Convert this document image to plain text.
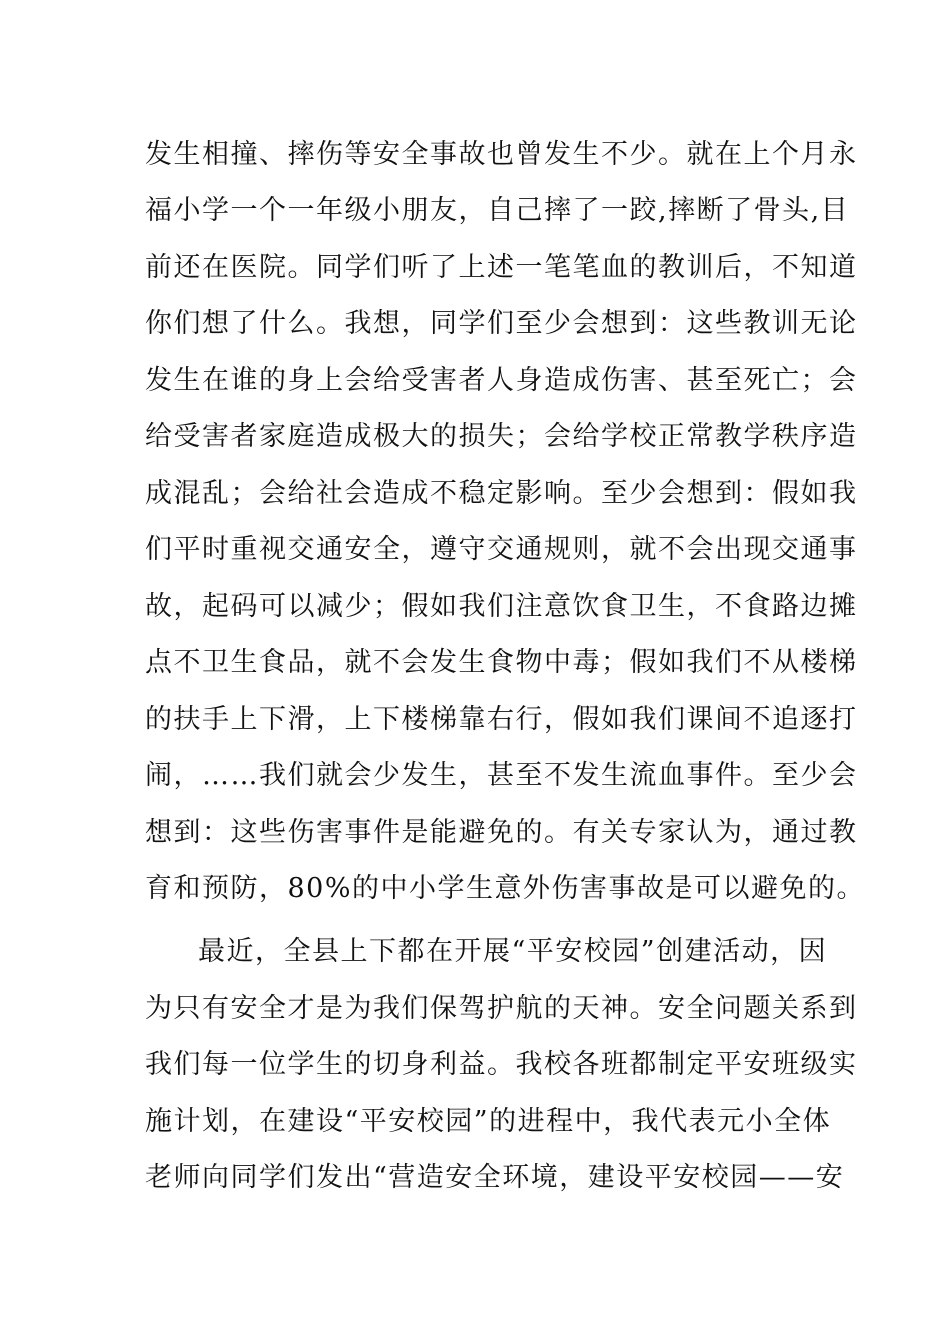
发生相撞、摔伤等安全事故也曾发生不少。就在上个月永
福小学一个一年级小朋友，自己摔了一跤,摔断了骨头,目
前还在医院。同学们听了上述一笔笔血的教训后，不知道
你们想了什么。我想，同学们至少会想到：这些教训无论
发生在谁的身上会给受害者人身造成伤害、甚至死亡；会
给受害者家庭造成极大的损失；会给学校正常教学秩序造
成混乱；会给社会造成不稳定影响。至少会想到：假如我
们平时重视交通安全，遵守交通规则，就不会出现交通事
故，起码可以减少；假如我们注意饮食卫生，不食路边摊
点不卫生食品，就不会发生食物中毒；假如我们不从楼梯
的扶手上下滑，上下楼梯靠右行，假如我们课间不追逐打
闹，……我们就会少发生，甚至不发生流血事件。至少会
想到：这些伤害事件是能避免的。有关专家认为，通过教
育和预防，80%的中小学生意外伤害事故是可以避免的。
最近，全县上下都在开展“平安校园”创建活动，因
为只有安全才是为我们保驾护航的天神。安全问题关系到
我们每一位学生的切身利益。我校各班都制定平安班级实
施计划，在建设“平安校园”的进程中，我代表元小全体
老师向同学们发出“营造安全环境，建设平安校园——安
